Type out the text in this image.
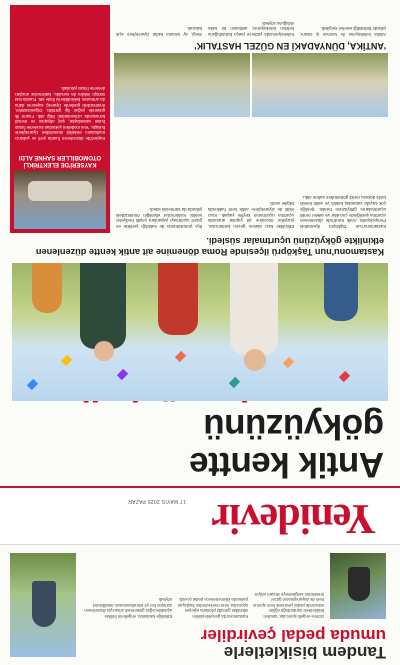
Tandem bisikletlerle
umuda pedal çevirdiler

Görme engelli sporcular, tandem bisikletlerle sürdürdüğü eğitim sürecinde pedal çevirerek hem sporun hem de dayanışmanın güzel örneklerini sergilemeye devam ediyor.

Kastamonu'da gerçekleştirilen etkinlikte gönüllü pilotlarla eşleşen sporcular, kent merkezinden başlayan parkurda kilometrelerce pedal çevirdi.

Etkinliğe katılanlar, engellerin birlikte aşılabileceğini göstermek amacıyla düzenlenen sürüşün her yıl tekrarlanmasını istediklerini söyledi.

Yenidevir
17 MAYIS 2025 PAZAR
Antik kentte gökyüzünü
Kastamonu'nun Taşköprü ilçesinde Roma dönemine ait antik kentte düzenlenen etkinlikte gökyüzünü uçurtmalar süsledi.

Kastamonu'nun Taşköprü ilçesindeki Pompeiopolis Antik Kenti'nde düzenlenen uçurtma şenliğinde çocuklar ve aileler renkli uçurtmalarını gökyüzüne bıraktı. Şenliğe çok sayıda vatandaş katıldı ve antik kentin tarihi dokusu renkli görüntülere sahne oldu.

Etkinlikte kazı alanını gezen katılımcılar, yüzyıllar öncesine ait yapılar arasında uçurtma uçurmanın keyfini yaşadı. Kazı ekibi de ziyaretçilere antik kent hakkında bilgiler verdi.

İlçe protokolünün de katıldığı şenlikte en güzel uçurtmayı yapanlara çeşitli hediyeler verildi. Katılımcılar etkinliğin önümüzdeki yıllarda da sürmesini istedi.

KAYSERİ'DE ELEKTRİKLİ OTOMOBİLLER SAHNE ALDI

Kayseri'de düzenlenen fuarda yerli ve yabancı markaların elektrikli otomobilleri ziyaretçilerle buluştu. Yeni modelleri yakından inceleme fırsatı bulan vatandaşlar, şarj altyapısı ve menzil konusunda uzmanlardan bilgi aldı. Fuarın ilk gününde yoğun ilgi görüldü. Organizatörler, önümüzdeki günlerde ziyaretçi sayısının daha da artmasını beklediklerini ifade etti. Fuarda test sürüşü imkânı da sunuldu, katılımcılar araçları deneme fırsatı yakaladı.

'ANTİKA, DÜNYADAKİ EN GÜZEL HASTALIK'

Antika koleksiyonu ile tanınan iş insanı, yıllardır biriktirdiği eserleri sergiledi.

Koleksiyonunda yüzlerce parça bulunduğunu belirten koleksiyoner, antikanın bir tutku olduğunu söyledi.

Sergi, ay sonuna kadar ziyaretçilere açık kalacak.
